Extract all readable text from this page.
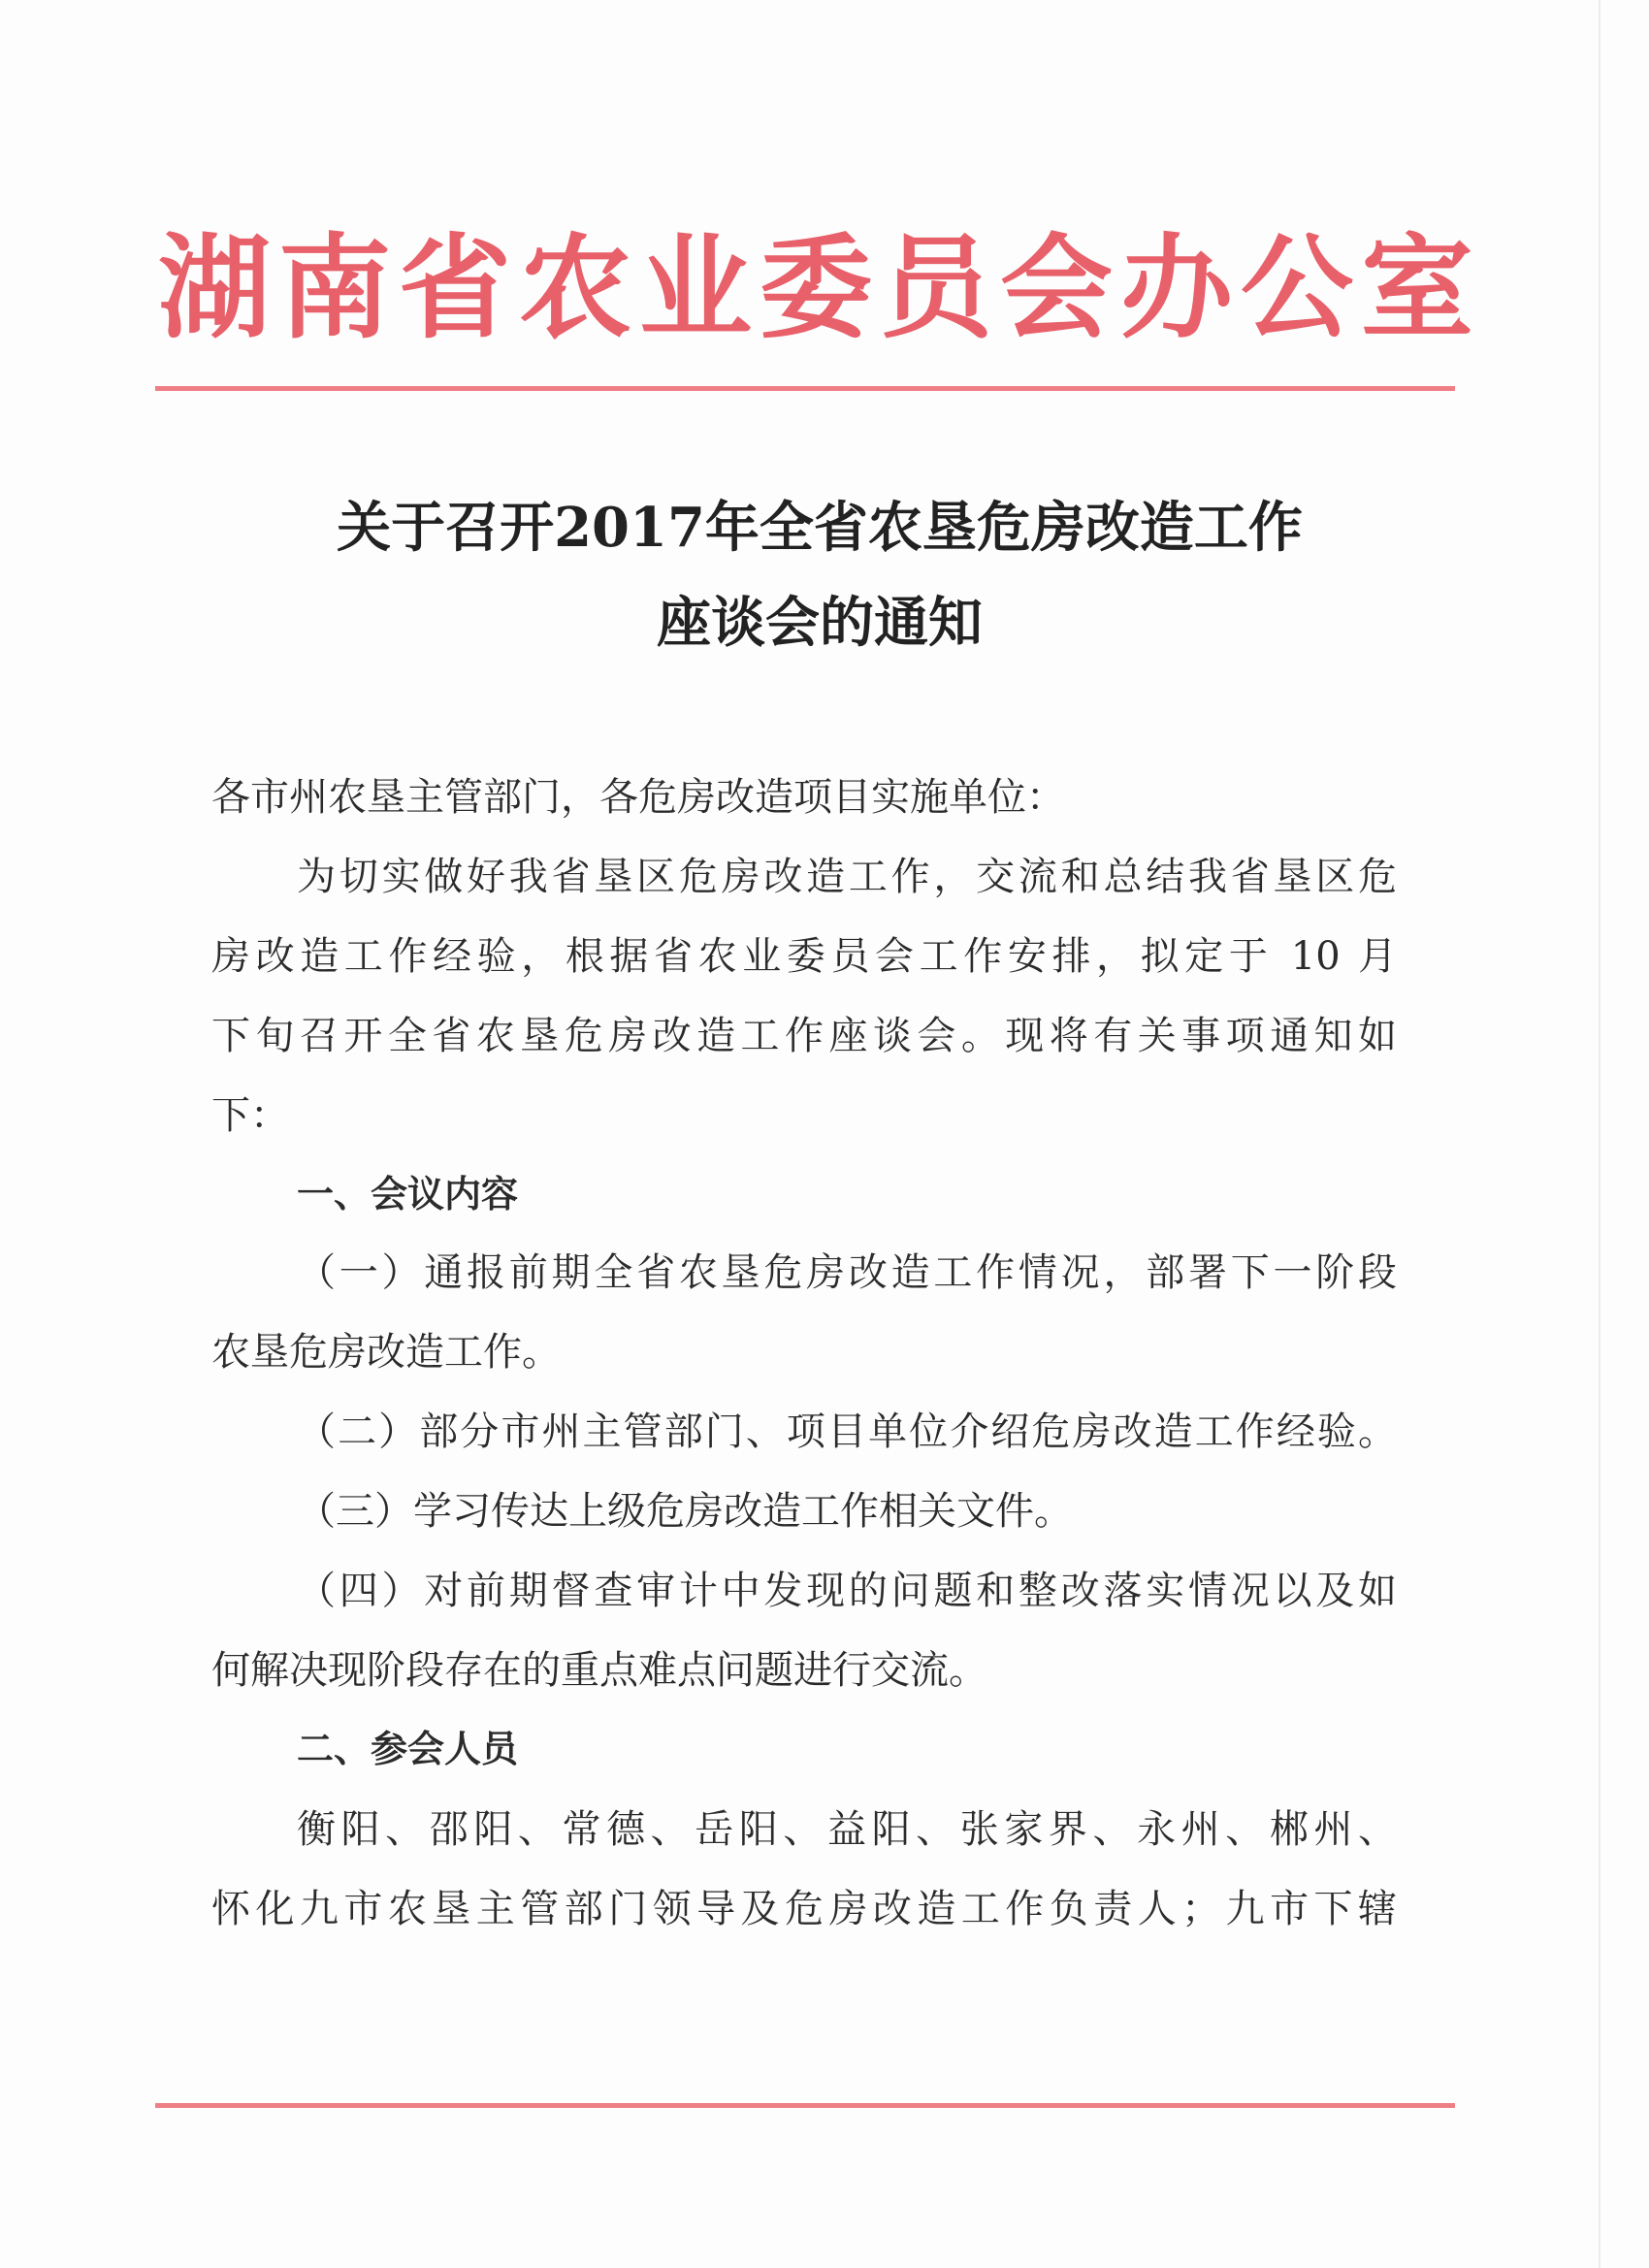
湖南省农业委员会办公室
关于召开2017年全省农垦危房改造工作
座谈会的通知
各市州农垦主管部门，各危房改造项目实施单位：
为切实做好我省垦区危房改造工作，交流和总结我省垦区危
房改造工作经验，根据省农业委员会工作安排，拟定于 10 月
下旬召开全省农垦危房改造工作座谈会。现将有关事项通知如
下：
一、会议内容
（一）通报前期全省农垦危房改造工作情况，部署下一阶段
农垦危房改造工作。
（二）部分市州主管部门、项目单位介绍危房改造工作经验。
（三）学习传达上级危房改造工作相关文件。
（四）对前期督查审计中发现的问题和整改落实情况以及如
何解决现阶段存在的重点难点问题进行交流。
二、参会人员
衡阳、邵阳、常德、岳阳、益阳、张家界、永州、郴州、
怀化九市农垦主管部门领导及危房改造工作负责人；九市下辖
